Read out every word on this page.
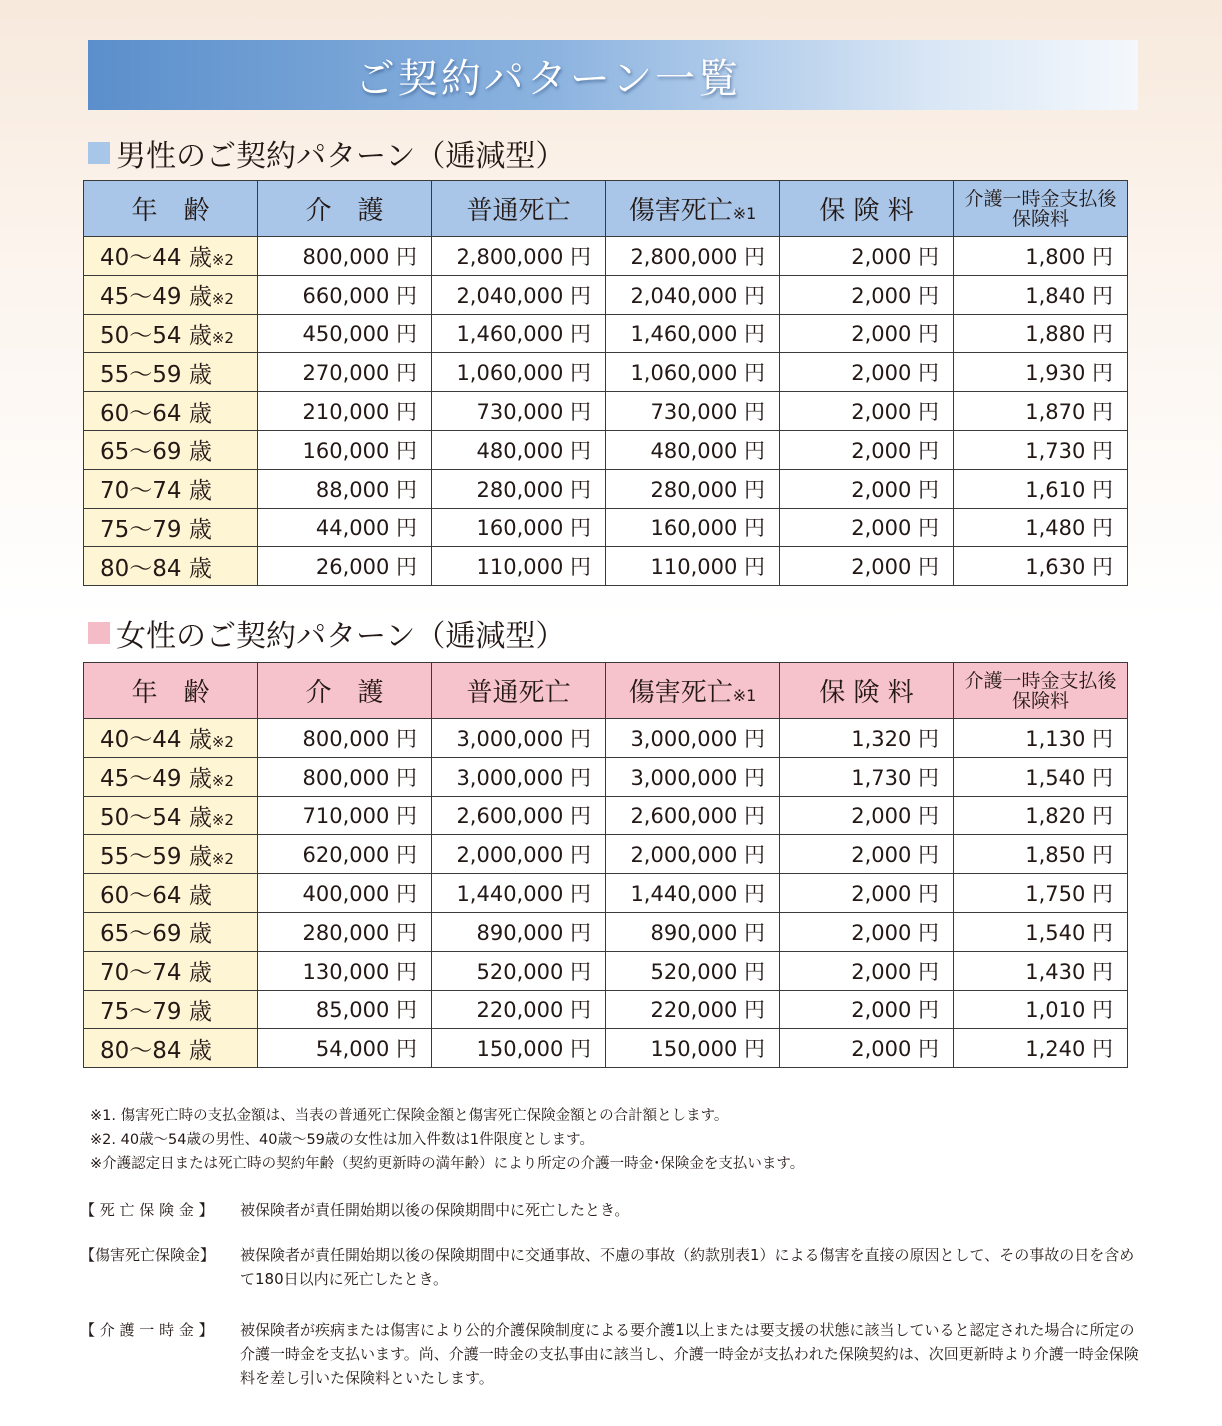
ご契約パターン一覧
男性のご契約パターン（逓減型）
年　齢	介　護	普通死亡	傷害死亡※1	保 険 料	介護一時金支払後
保険料
40～44 歳※2	800,000 円	2,800,000 円	2,800,000 円	2,000 円	1,800 円
45～49 歳※2	660,000 円	2,040,000 円	2,040,000 円	2,000 円	1,840 円
50～54 歳※2	450,000 円	1,460,000 円	1,460,000 円	2,000 円	1,880 円
55～59 歳	270,000 円	1,060,000 円	1,060,000 円	2,000 円	1,930 円
60～64 歳	210,000 円	730,000 円	730,000 円	2,000 円	1,870 円
65～69 歳	160,000 円	480,000 円	480,000 円	2,000 円	1,730 円
70～74 歳	88,000 円	280,000 円	280,000 円	2,000 円	1,610 円
75～79 歳	44,000 円	160,000 円	160,000 円	2,000 円	1,480 円
80～84 歳	26,000 円	110,000 円	110,000 円	2,000 円	1,630 円
女性のご契約パターン（逓減型）
年　齢	介　護	普通死亡	傷害死亡※1	保 険 料	介護一時金支払後
保険料
40～44 歳※2	800,000 円	3,000,000 円	3,000,000 円	1,320 円	1,130 円
45～49 歳※2	800,000 円	3,000,000 円	3,000,000 円	1,730 円	1,540 円
50～54 歳※2	710,000 円	2,600,000 円	2,600,000 円	2,000 円	1,820 円
55～59 歳※2	620,000 円	2,000,000 円	2,000,000 円	2,000 円	1,850 円
60～64 歳	400,000 円	1,440,000 円	1,440,000 円	2,000 円	1,750 円
65～69 歳	280,000 円	890,000 円	890,000 円	2,000 円	1,540 円
70～74 歳	130,000 円	520,000 円	520,000 円	2,000 円	1,430 円
75～79 歳	85,000 円	220,000 円	220,000 円	2,000 円	1,010 円
80～84 歳	54,000 円	150,000 円	150,000 円	2,000 円	1,240 円
※1. 傷害死亡時の支払金額は、当表の普通死亡保険金額と傷害死亡保険金額との合計額とします。
※2. 40歳～54歳の男性、40歳～59歳の女性は加入件数は1件限度とします。
※介護認定日または死亡時の契約年齢（契約更新時の満年齢）により所定の介護一時金･保険金を支払います。
【 死 亡 保 険 金 】	被保険者が責任開始期以後の保険期間中に死亡したとき。
【傷害死亡保険金】	被保険者が責任開始期以後の保険期間中に交通事故、不慮の事故（約款別表1）による傷害を直接の原因として、その事故の日を含めて180日以内に死亡したとき。
【 介 護 一 時 金 】	被保険者が疾病または傷害により公的介護保険制度による要介護1以上または要支援の状態に該当していると認定された場合に所定の介護一時金を支払います。尚、介護一時金の支払事由に該当し、介護一時金が支払われた保険契約は、次回更新時より介護一時金保険料を差し引いた保険料といたします。
